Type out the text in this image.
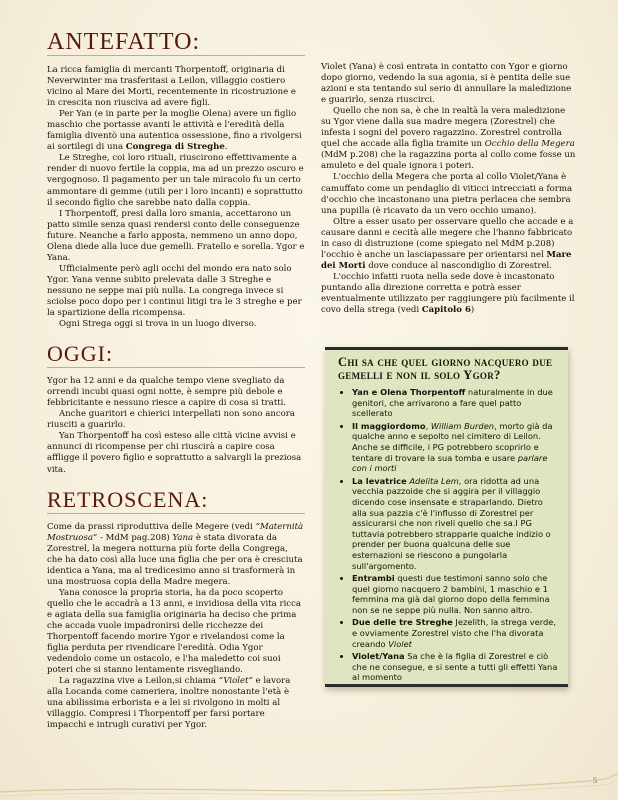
ANTEFATTO:

La ricca famiglia di mercanti Thorpentoff, originaria di Neverwinter ma trasferitasi a Leilon, villaggio costiero vicino al Mare dei Morti, recentemente in ricostruzione e in crescita non riusciva ad avere figli.

Per Yan (e in parte per la moglie Olena) avere un figlio maschio che portasse avanti le attività e l'eredità della famiglia diventò una autentica ossessione, fino a rivolgersi ai sortilegi di una Congrega di Streghe.

Le Streghe, coi loro rituali, riuscirono effettivamente a render di nuovo fertile la coppia, ma ad un prezzo oscuro e vergognoso. Il pagamento per un tale miracolo fu un certo ammontare di gemme (utili per i loro incanti) e soprattutto il secondo figlio che sarebbe nato dalla coppia.

I Thorpentoff, presi dalla loro smania, accettarono un patto simile senza quasi rendersi conto delle conseguenze future. Neanche a farlo apposta, nemmeno un anno dopo, Olena diede alla luce due gemelli. Fratello e sorella. Ygor e Yana.

Ufficialmente però agli occhi del mondo era nato solo Ygor. Yana venne subito prelevata dalle 3 Streghe e nessuno ne seppe mai più nulla. La congrega invece si sciolse poco dopo per i continui litigi tra le 3 streghe e per la spartizione della ricompensa.

Ogni Strega oggi si trova in un luogo diverso.

OGGI:

Ygor ha 12 anni e da qualche tempo viene svegliato da orrendi incubi quasi ogni notte, è sempre più debole e febbricitante e nessuno riesce a capire di cosa si tratti.

Anche guaritori e chierici interpellati non sono ancora riusciti a guarirlo.

Yan Thorpentoff ha così esteso alle città vicine avvisi e annunci di ricompense per chi riuscirà a capire cosa affligge il povero figlio e soprattutto a salvargli la preziosa vita.

RETROSCENA:

Come da prassi riproduttiva delle Megere (vedi “Maternità Mostruosa” - MdM pag.208) Yana è stata divorata da Zorestrel, la megera notturna più forte della Congrega, che ha dato così alla luce una figlia che per ora è cresciuta identica a Yana, ma al tredicesimo anno si trasformerà in una mostruosa copia della Madre megera.

Yana conosce la propria storia, ha da poco scoperto quello che le accadrà a 13 anni, e invidiosa della vita ricca e agiata della sua famiglia originaria ha deciso che prima che accada vuole impadronirsi delle ricchezze dei Thorpentoff facendo morire Ygor e rivelandosi come la figlia perduta per rivendicare l'eredità. Odia Ygor vedendolo come un ostacolo, e l'ha maledetto coi suoi poteri che si stanno lentamente risvegliando.

La ragazzina vive a Leilon,si chiama “Violet” e lavora alla Locanda come cameriera, inoltre nonostante l'età è una abilissima erborista e a lei si rivolgono in molti al villaggio. Compresi i Thorpentoff per farsi portare impacchi e intrugli curativi per Ygor.

Violet (Yana) è così entrata in contatto con Ygor e giorno dopo giorno, vedendo la sua agonia, si è pentita delle sue azioni e sta tentando sul serio di annullare la maledizione e guarirlo, senza riuscirci.

Quello che non sa, è che in realtà la vera maledizione su Ygor viene dalla sua madre megera (Zorestrel) che infesta i sogni del povero ragazzino. Zorestrel controlla quel che accade alla figlia tramite un Occhio della Megera (MdM p.208) che la ragazzina porta al collo come fosse un amuleto e del quale ignora i poteri.

L'occhio della Megera che porta al collo Violet/Yana è camuffato come un pendaglio di viticci intrecciati a forma d'occhio che incastonano una pietra perlacea che sembra una pupilla (è ricavato da un vero occhio umano).

Oltre a esser usato per osservare quello che accade e a causare danni e cecità alle megere che l'hanno fabbricato in caso di distruzione (come spiegato nel MdM p.208) l'occhio è anche un lasciapassare per orientarsi nel Mare dei Morti dove conduce al nascondiglio di Zorestrel.

L'occhio infatti ruota nella sede dove è incastonato puntando alla direzione corretta e potrà esser eventualmente utilizzato per raggiungere più facilmente il covo della strega (vedi Capitolo 6)

Chi sa che quel giorno nacquero due gemelli e non il solo Ygor?
• Yan e Olena Thorpentoff naturalmente in due genitori, che arrivarono a fare quel patto scellerato
• Il maggiordomo, William Burden, morto già da qualche anno e sepolto nel cimitero di Leilon. Anche se difficile, i PG potrebbero scoprirlo e tentare di trovare la sua tomba e usare parlare con i morti
• La levatrice Adelita Lem, ora ridotta ad una vecchia pazzoide che si aggira per il villaggio dicendo cose insensate e straparlando. Dietro alla sua pazzia c'è l'influsso di Zorestrel per assicurarsi che non riveli quello che sa.I PG tuttavia potrebbero strapparle qualche indizio o prender per buona qualcuna delle sue esternazioni se riescono a pungolarla sull'argomento.
• Entrambi questi due testimoni sanno solo che quel giorno nacquero 2 bambini, 1 maschio e 1 femmina ma già dal giorno dopo della femmina non se ne seppe più nulla. Non sanno altro.
• Due delle tre Streghe Jezelith, la strega verde, e ovviamente Zorestrel visto che l'ha divorata creando Violet
• Violet/Yana Sa che è la figlia di Zorestrel e ciò che ne consegue, e si sente a tutti gli effetti Yana al momento
5
